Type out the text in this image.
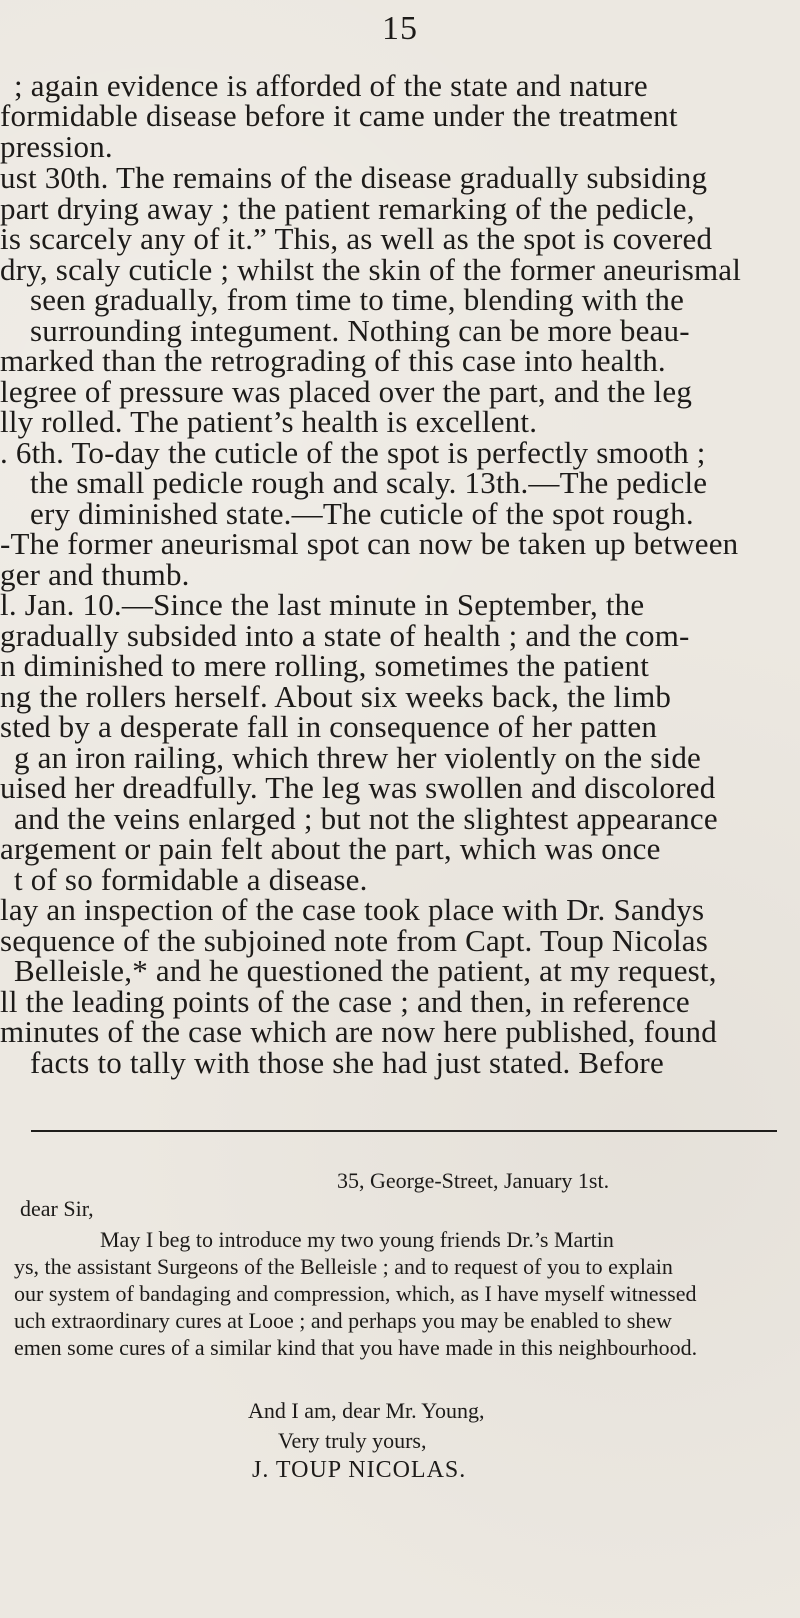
15
; again evidence is afforded of the state and nature
formidable disease before it came under the treatment
pression.
ust 30th. The remains of the disease gradually subsiding
part drying away ; the patient remarking of the pedicle,
is scarcely any of it.” This, as well as the spot is covered
dry, scaly cuticle ; whilst the skin of the former aneurismal
seen gradually, from time to time, blending with the
surrounding integument. Nothing can be more beau-
marked than the retrograding of this case into health.
legree of pressure was placed over the part, and the leg
lly rolled. The patient’s health is excellent.
. 6th. To-day the cuticle of the spot is perfectly smooth ;
the small pedicle rough and scaly. 13th.—The pedicle
ery diminished state.—The cuticle of the spot rough.
-The former aneurismal spot can now be taken up between
ger and thumb.
l. Jan. 10.—Since the last minute in September, the
gradually subsided into a state of health ; and the com-
n diminished to mere rolling, sometimes the patient
ng the rollers herself. About six weeks back, the limb
sted by a desperate fall in consequence of her patten
g an iron railing, which threw her violently on the side
uised her dreadfully. The leg was swollen and discolored
and the veins enlarged ; but not the slightest appearance
argement or pain felt about the part, which was once
t of so formidable a disease.
lay an inspection of the case took place with Dr. Sandys
sequence of the subjoined note from Capt. Toup Nicolas
Belleisle,* and he questioned the patient, at my request,
ll the leading points of the case ; and then, in reference
minutes of the case which are now here published, found
facts to tally with those she had just stated. Before
35, George-Street, January 1st.
dear Sir,
May I beg to introduce my two young friends Dr.’s Martin
ys, the assistant Surgeons of the Belleisle ; and to request of you to explain
our system of bandaging and compression, which, as I have myself witnessed
uch extraordinary cures at Looe ; and perhaps you may be enabled to shew
emen some cures of a similar kind that you have made in this neighbourhood.
And I am, dear Mr. Young,
Very truly yours,
J. TOUP NICOLAS.
